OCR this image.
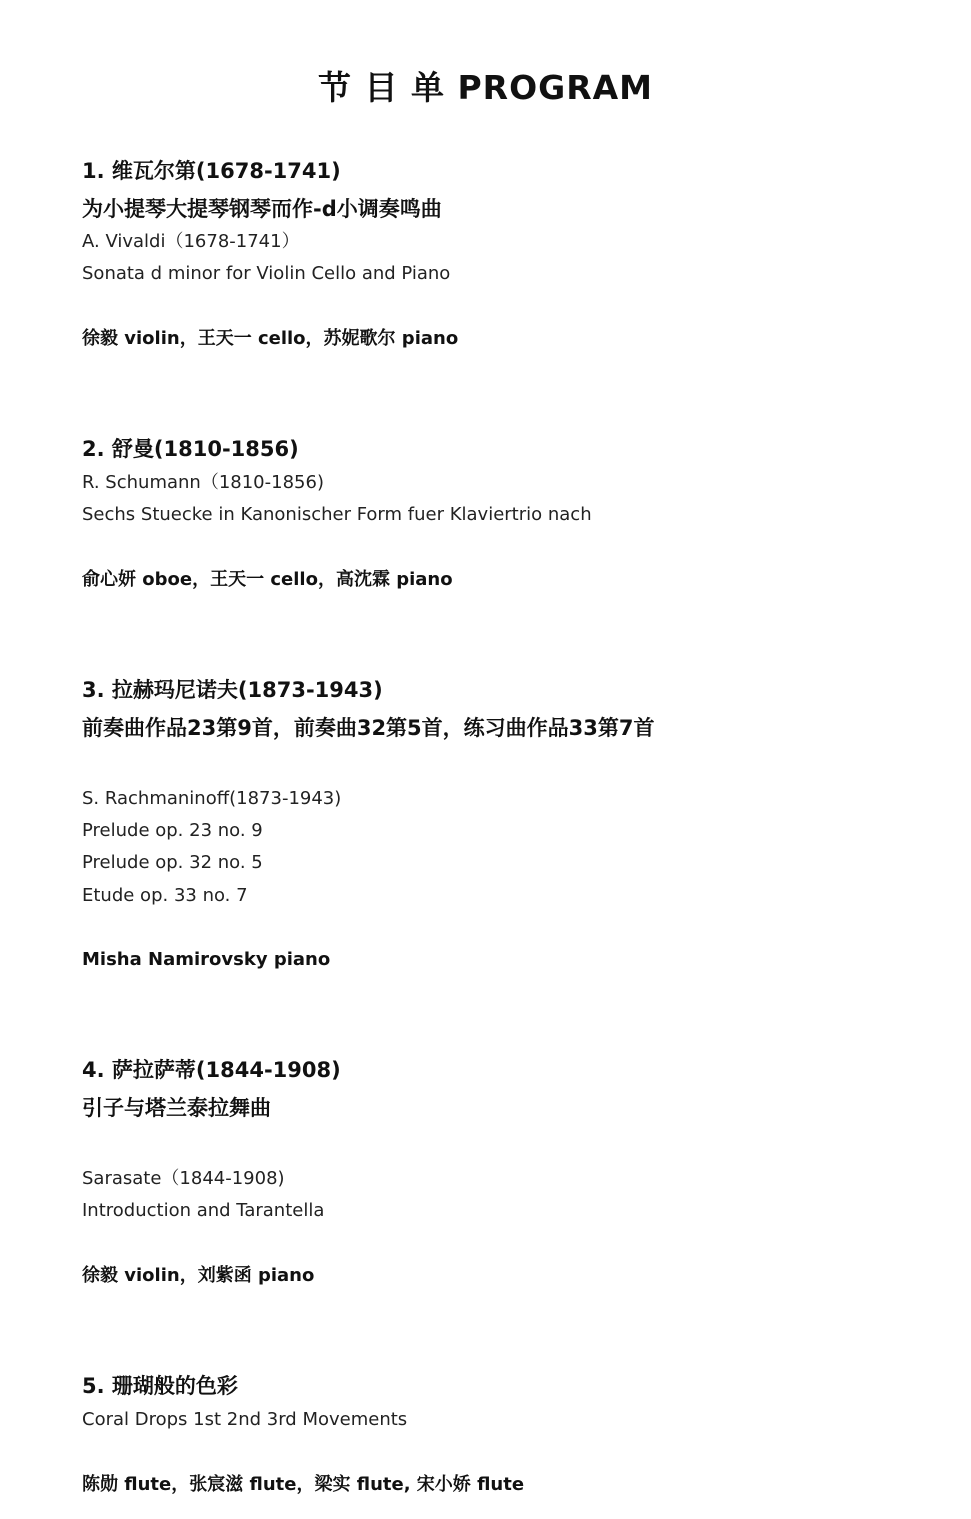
节 目 单 PROGRAM
1. 维瓦尔第(1678-1741)
为小提琴大提琴钢琴而作-d小调奏鸣曲
A. Vivaldi（1678-1741）
Sonata d minor for Violin Cello and Piano
徐毅 violin，王天一 cello，苏妮歌尔 piano
2. 舒曼(1810-1856)
R. Schumann（1810-1856)
Sechs Stuecke in Kanonischer Form fuer Klaviertrio nach
俞心妍 oboe，王天一 cello，高沈霖 piano
3. 拉赫玛尼诺夫(1873-1943)
前奏曲作品23第9首，前奏曲32第5首，练习曲作品33第7首
S. Rachmaninoff(1873-1943)
Prelude op. 23 no. 9
Prelude op. 32 no. 5
Etude op. 33 no. 7
Misha Namirovsky piano
4. 萨拉萨蒂(1844-1908)
引子与塔兰泰拉舞曲
Sarasate（1844-1908)
Introduction and Tarantella
徐毅 violin，刘紫函 piano
5. 珊瑚般的色彩
Coral Drops 1st 2nd 3rd Movements
陈勋 flute，张宸滋 flute，梁实 flute, 宋小娇 flute
